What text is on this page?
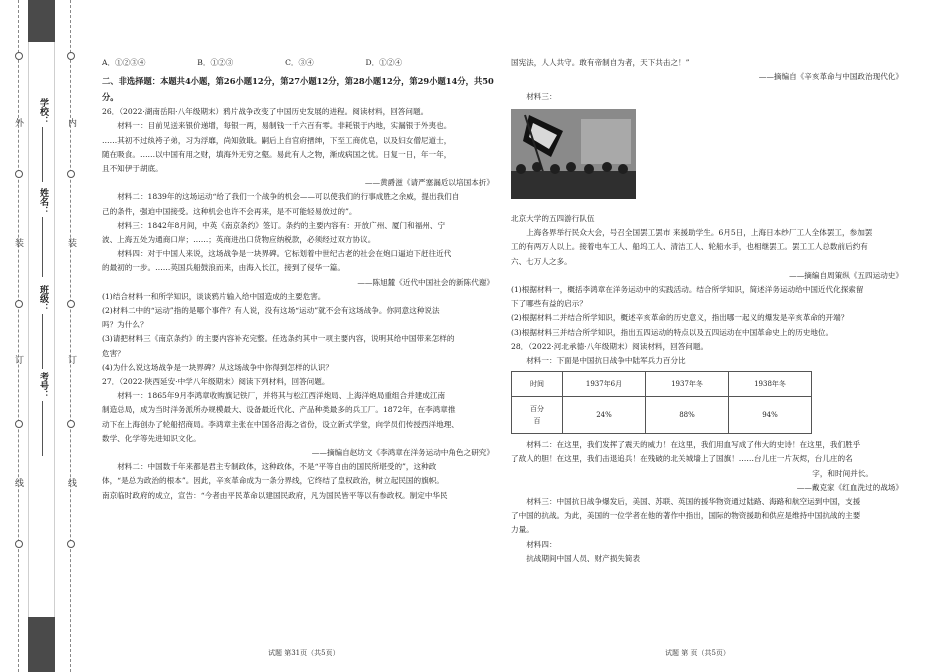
外
装
订
线
内
装
订
线
学校：
姓名：
班级：
考号：
A．①②③④	B．①②③	C．③④	D．①②④

二、非选择题：本题共4小题，第26小题12分，第27小题12分，第28小题12分，第29小题14分，共50分。

26．（2022·湖南岳阳·八年级期末）鸦片战争改变了中国历史发展的进程。阅读材料，回答问题。

材料一：目前见送来银价递增，每银一两，易制钱一千六百有零。非耗银于内地，实漏银于外夷也。

……其初不过纨袴子弟，习为浮靡，尚知敛戢。嗣后上自官府搢绅，下至工商优皂，以及妇女僧尼道士，

随在吸食。……以中国有用之财，填海外无穷之壑。易此有人之物，渐成病国之忧。日复一日，年一年，

且不知伊于胡底。

——黄爵滋《请严塞漏卮以培国本折》

材料二：1839年的这场运动“给了我们一个战争的机会——可以使我们的行事成胜之余威，提出我们自

己的条件，强迫中国接受。这种机会也许不会再来，是不可能轻易放过的”。

材料三：1842年8月间，中英《南京条约》签订。条约的主要内容有：开放广州、厦门和福州、宁

波、上海五处为通商口岸；……；英商进出口货物应纳税款，必须经过双方协议。

材料四：对于中国人来说，这场战争是一块界碑。它标划着中世纪古老的社会在炮口逼迫下赶往近代

的最初的一步。……英国兵船鼓浪而来，由海入长江，接到了侵华一篇。

——陈旭麓《近代中国社会的新陈代谢》

(1)结合材料一和所学知识，谈谈鸦片输入给中国造成的主要危害。

(2)材料二中的“运动”指的是哪个事件？有人说，没有这场“运动”就不会有这场战争。你同意这种说法

吗？为什么？

(3)请把材料三《南京条约》的主要内容补充完整。任选条约其中一项主要内容，说明其给中国带来怎样的

危害？

(4)为什么说这场战争是一块界碑？从这场战争中你得到怎样的认识？

27．（2022·陕西延安·中学八年级期末）阅读下列材料，回答问题。

材料一：1865年9月李鸿章收购旗记铁厂，并将其与松江西洋炮局、上海洋炮局重组合并建成江南

制造总局，成为当时洋务派所办规模最大、设备最近代化、产品种类最多的兵工厂。1872年，在李鸿章推

动下在上海创办了轮船招商局。李鸿章主张在中国各沿海之省份，设立新式学堂，向学员们传授西洋地理、

数学、化学等先进知识文化。

——摘编自赵坊文《李鸿章在洋务运动中角色之研究》

材料二：中国数千年来都是君主专制政体，这种政体，不是“平等自由的国民所堪受的”，这种政

体，“是总为政治的根本”。因此，辛亥革命成为一条分界线，它终结了皇权政治，树立起民国的旗帜。

南京临时政府的成立，宣告：“今者由平民革命以建国民政府，凡为国民皆平等以有参政权。制定中华民

试题 第31页（共5页）

国宪法，人人共守。敢有帝制自为者，天下共击之！”

——摘编自《辛亥革命与中国政治现代化》

材料三：

北京大学的五四游行队伍

上海各界举行民众大会，号召全国罢工罢市 来援助学生。6月5日，上海日本纱厂工人全体罢工，参加罢

工的有两万人以上。接着电车工人、船坞工人、清洁工人、轮船水手，也相继罢工。罢工工人总数前后约有

六、七万人之多。

——摘编自周策纵《五四运动史》

(1)根据材料一，概括李鸿章在洋务运动中的实践活动。结合所学知识，简述洋务运动给中国近代化探索留

下了哪些有益的启示？

(2)根据材料二并结合所学知识，概述辛亥革命的历史意义，指出哪一起义的爆发是辛亥革命的开端？

(3)根据材料三并结合所学知识，指出五四运动的特点以及五四运动在中国革命史上的历史地位。

28．（2022·河北承德·八年级期末）阅读材料，回答问题。

材料一：下面是中国抗日战争中陆军兵力百分比

时间	1937年6月	1937年冬	1938年冬
百分
百	24%	88%	94%

材料二：在这里，我们发挥了震天的威力！在这里，我们用血写成了伟大的史诗！在这里，我们胜乎

了敌人的胆！在这里，我们击退追兵！在残破的北关城墙上了国旗！……台儿庄一片灰烬，台儿庄的名

字，和时间并长。

——戴克家《红血洗过的战场》

材料三：中国抗日战争爆发后，美国、苏联、英国的援华物资通过陆路、海路和航空运到中国，支援

了中国的抗战。为此，美国的一位学者在他的著作中指出，国际的物资援助和供应是维持中国抗战的主要

力量。

材料四：

抗战期间中国人员、财产损失简表

试题 第 页（共5页）
